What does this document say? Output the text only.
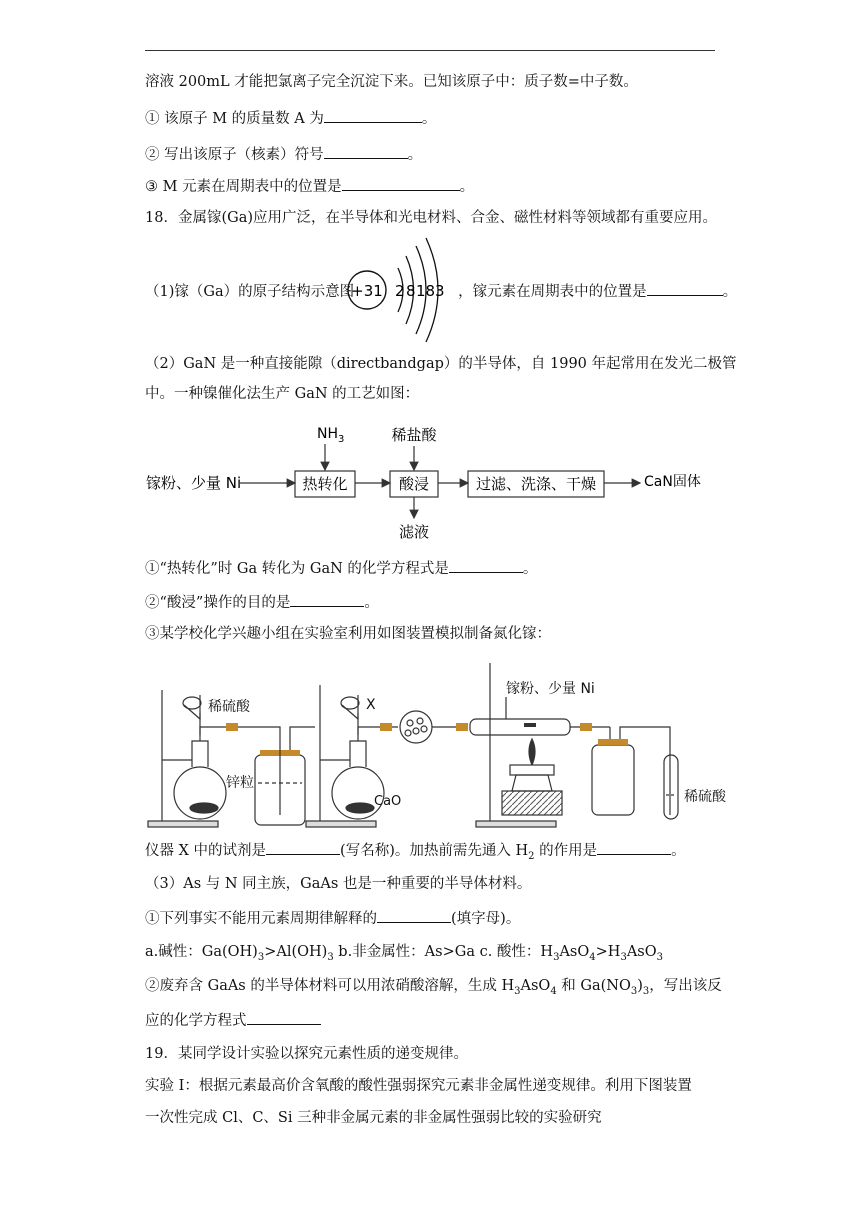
溶液 200mL 才能把氯离子完全沉淀下来。已知该原子中：质子数=中子数。
① 该原子 M 的质量数 A 为	。
② 写出该原子（核素）符号	。
③ M 元素在周期表中的位置是	。
18．金属镓(Ga)应用广泛，在半导体和光电材料、合金、磁性材料等领域都有重要应用。
（1)镓（Ga）的原子结构示意图	，镓元素在周期表中的位置是	。
+31 2 8 18 3
（2）GaN 是一种直接能隙（directbandgap）的半导体，自 1990 年起常用在发光二极管
中。一种镍催化法生产 GaN 的工艺如图：
镓粉、少量 Ni	热转化
$NH_3$
酸浸
稀盐酸
滤液
过滤、洗涤、干燥	CaN固体
①“热转化”时 Ga 转化为 GaN 的化学方程式是	。
②“酸浸”操作的目的是	。
③某学校化学兴趣小组在实验室利用如图装置模拟制备氮化镓：
稀硫酸
锌粒
X
CaO
镓粉、少量 Ni
稀硫酸
仪器 X 中的试剂是	(写名称)。加热前需先通入 $H_2$ 的作用是	。
（3）As 与 N 同主族，GaAs 也是一种重要的半导体材料。
①下列事实不能用元素周期律解释的	(填字母)。
a.碱性：$Ga(OH)_3>Al(OH)_3$ b.非金属性：As>Ga c. 酸性：$H_3AsO_4>H_3AsO_3$
②废弃含 GaAs 的半导体材料可以用浓硝酸溶解，生成 $H_3AsO_4$ 和 $Ga(NO_3)_3$，写出该反
应的化学方程式
19．某同学设计实验以探究元素性质的递变规律。
实验 I：根据元素最高价含氧酸的酸性强弱探究元素非金属性递变规律。利用下图装置
一次性完成 Cl、C、Si 三种非金属元素的非金属性强弱比较的实验研究
